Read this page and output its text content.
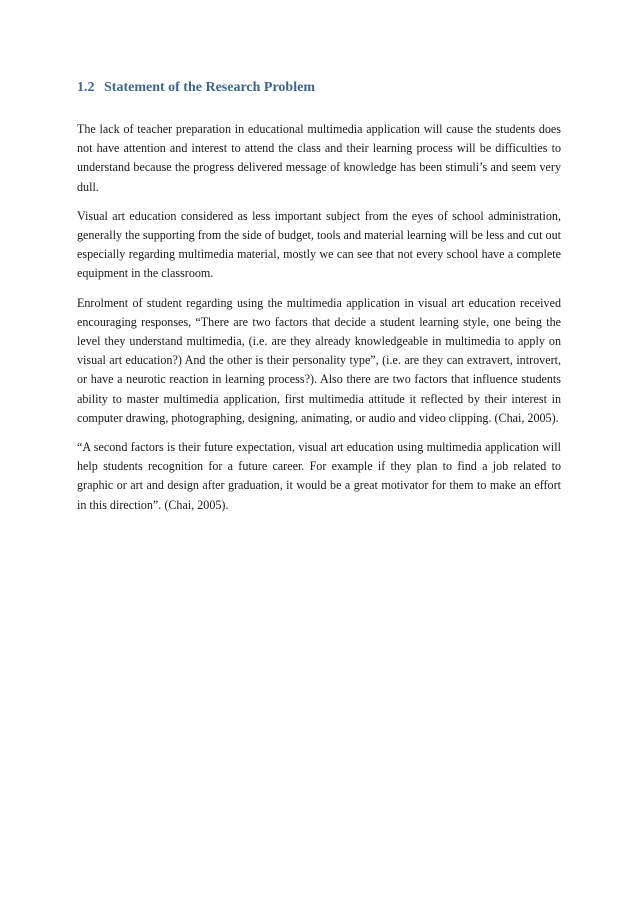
1.2 Statement of the Research Problem

The lack of teacher preparation in educational multimedia application will cause the students does not have attention and interest to attend the class and their learning process will be difficulties to understand because the progress delivered message of knowledge has been stimuli’s and seem very dull.

Visual art education considered as less important subject from the eyes of school administration, generally the supporting from the side of budget, tools and material learning will be less and cut out especially regarding multimedia material, mostly we can see that not every school have a complete equipment in the classroom.

Enrolment of student regarding using the multimedia application in visual art education received encouraging responses, “There are two factors that decide a student learning style, one being the level they understand multimedia, (i.e. are they already knowledgeable in multimedia to apply on visual art education?) And the other is their personality type”, (i.e. are they can extravert, introvert, or have a neurotic reaction in learning process?). Also there are two factors that influence students ability to master multimedia application, first multimedia attitude it reflected by their interest in computer drawing, photographing, designing, animating, or audio and video clipping. (Chai, 2005).

“A second factors is their future expectation, visual art education using multimedia application will help students recognition for a future career. For example if they plan to find a job related to graphic or art and design after graduation, it would be a great motivator for them to make an effort in this direction”. (Chai, 2005).
